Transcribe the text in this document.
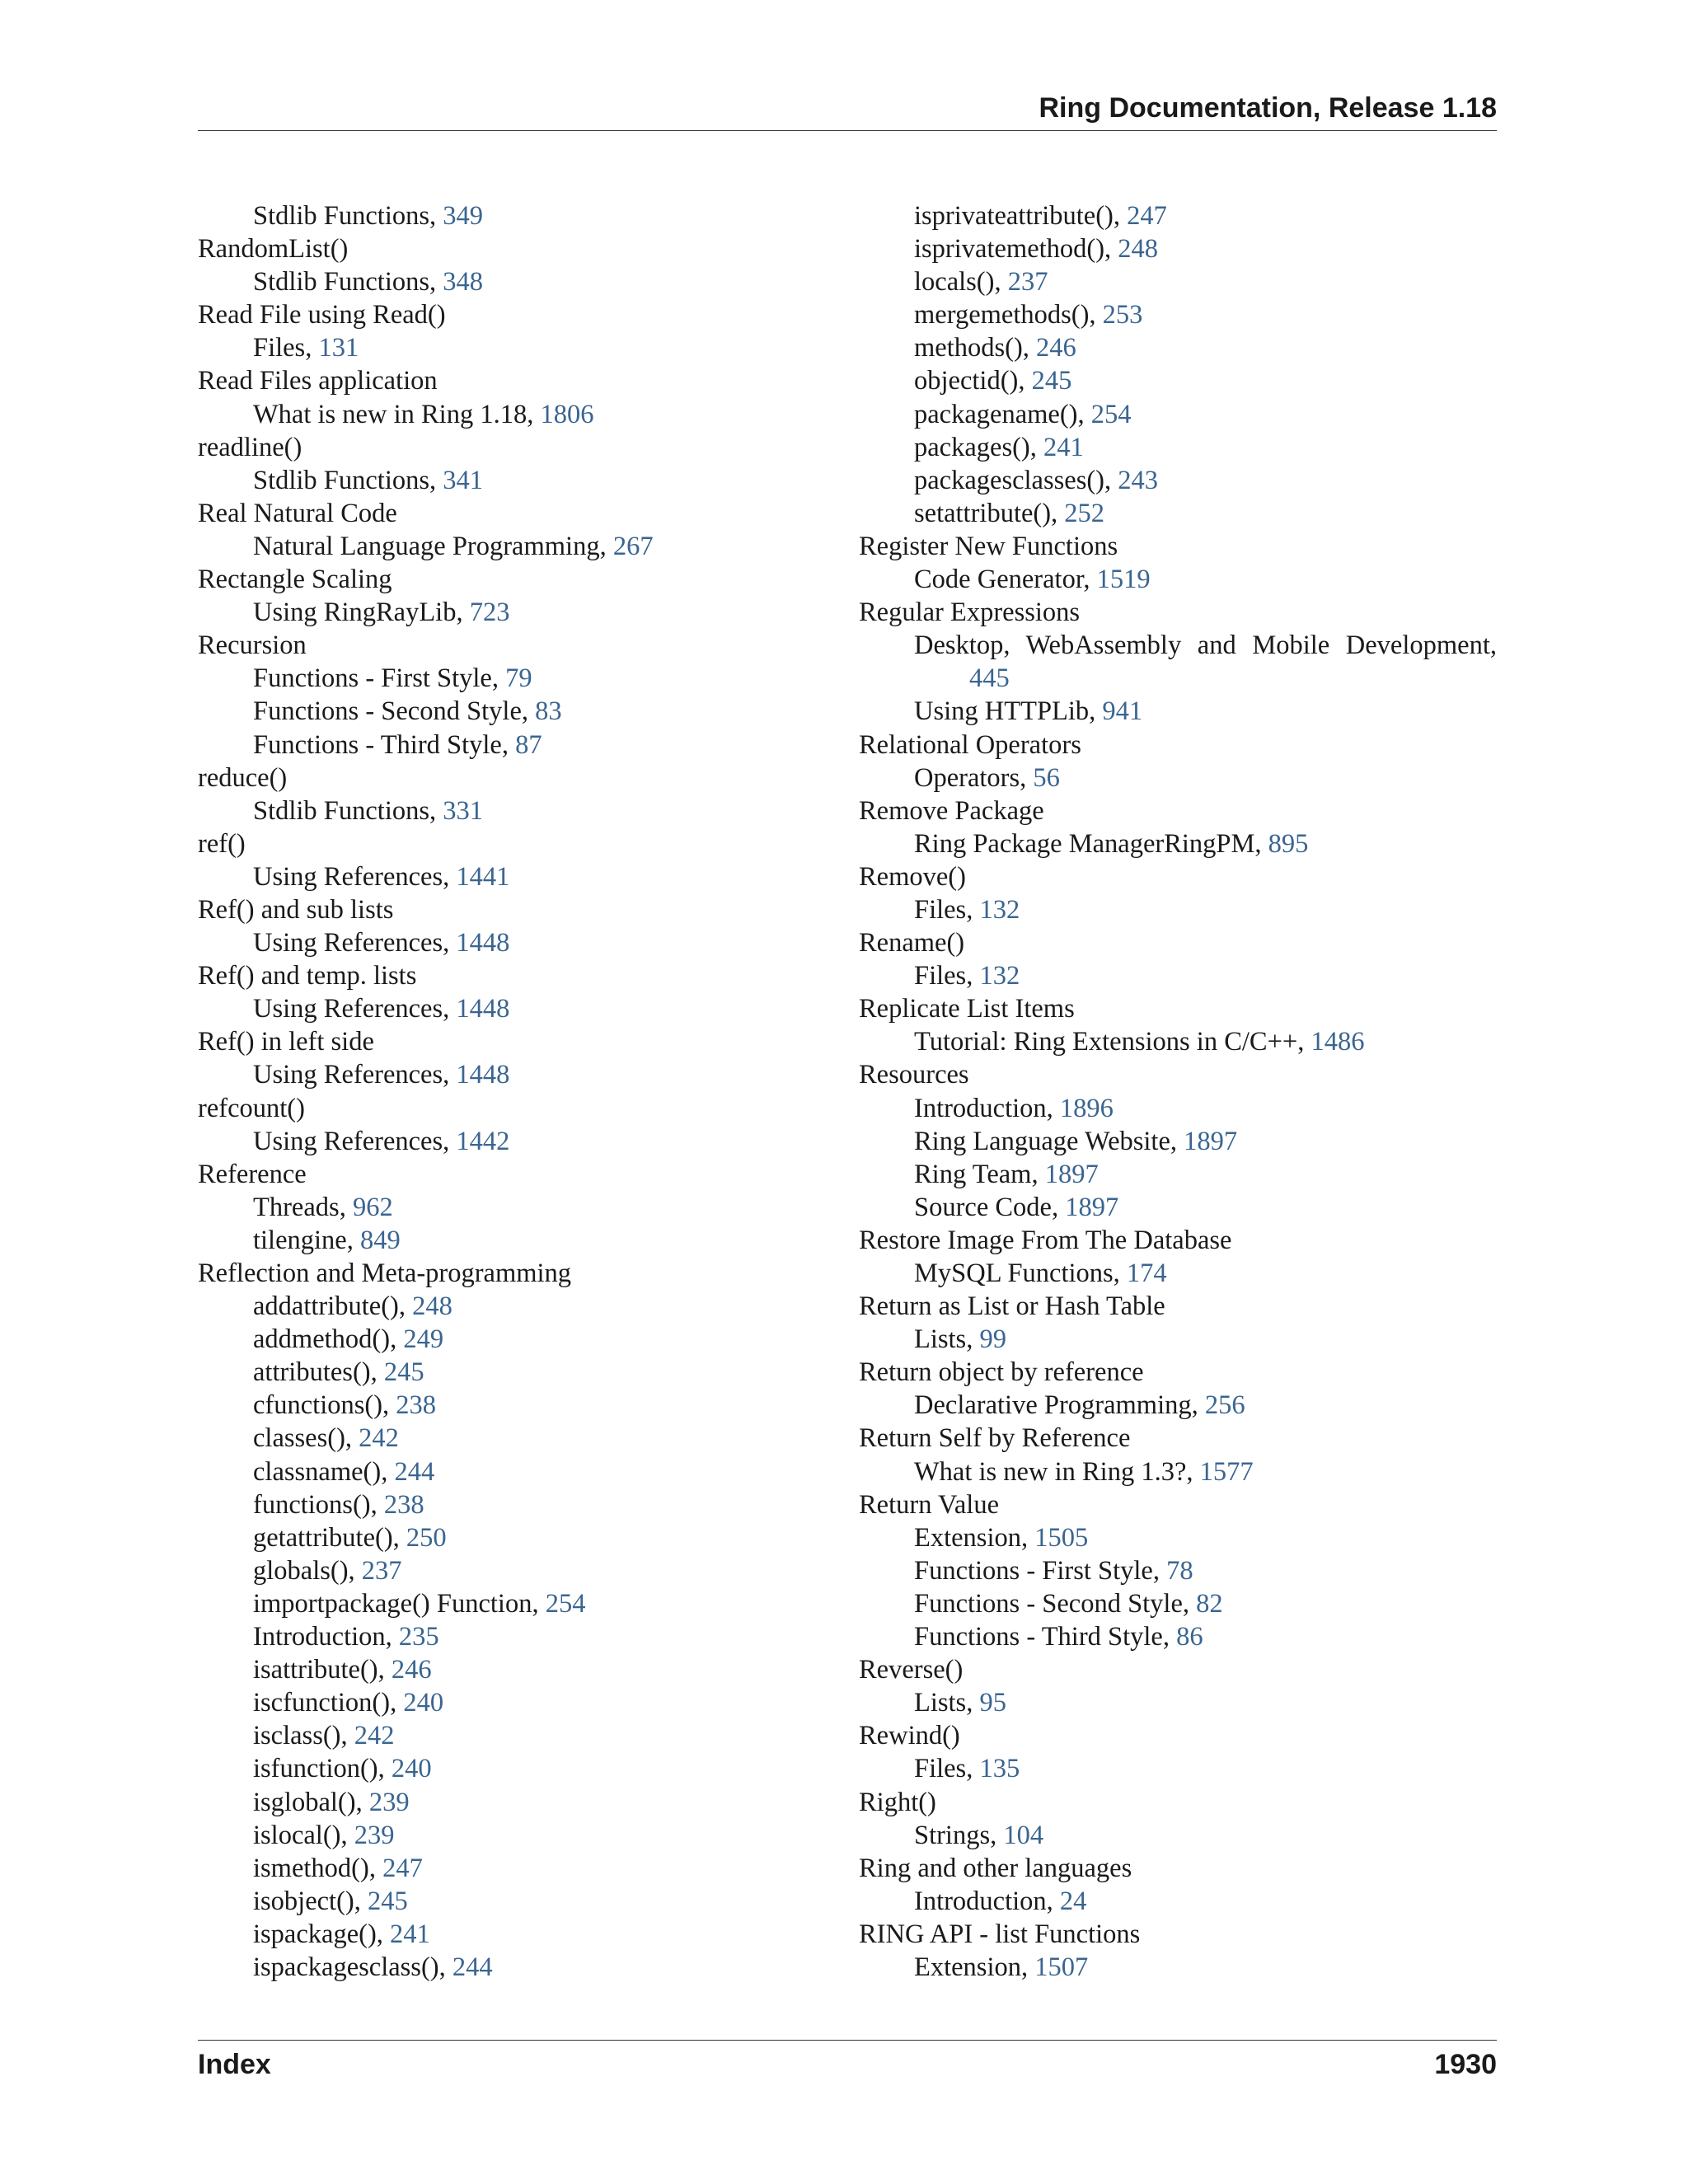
Ring Documentation, Release 1.18
Stdlib Functions, 349
RandomList()
Stdlib Functions, 348
Read File using Read()
Files, 131
Read Files application
What is new in Ring 1.18, 1806
readline()
Stdlib Functions, 341
Real Natural Code
Natural Language Programming, 267
Rectangle Scaling
Using RingRayLib, 723
Recursion
Functions - First Style, 79
Functions - Second Style, 83
Functions - Third Style, 87
reduce()
Stdlib Functions, 331
ref()
Using References, 1441
Ref() and sub lists
Using References, 1448
Ref() and temp. lists
Using References, 1448
Ref() in left side
Using References, 1448
refcount()
Using References, 1442
Reference
Threads, 962
tilengine, 849
Reflection and Meta-programming
addattribute(), 248
addmethod(), 249
attributes(), 245
cfunctions(), 238
classes(), 242
classname(), 244
functions(), 238
getattribute(), 250
globals(), 237
importpackage() Function, 254
Introduction, 235
isattribute(), 246
iscfunction(), 240
isclass(), 242
isfunction(), 240
isglobal(), 239
islocal(), 239
ismethod(), 247
isobject(), 245
ispackage(), 241
ispackagesclass(), 244
isprivateattribute(), 247
isprivatemethod(), 248
locals(), 237
mergemethods(), 253
methods(), 246
objectid(), 245
packagename(), 254
packages(), 241
packagesclasses(), 243
setattribute(), 252
Register New Functions
Code Generator, 1519
Regular Expressions
Desktop, WebAssembly and Mobile Development, 445
Using HTTPLib, 941
Relational Operators
Operators, 56
Remove Package
Ring Package ManagerRingPM, 895
Remove()
Files, 132
Rename()
Files, 132
Replicate List Items
Tutorial: Ring Extensions in C/C++, 1486
Resources
Introduction, 1896
Ring Language Website, 1897
Ring Team, 1897
Source Code, 1897
Restore Image From The Database
MySQL Functions, 174
Return as List or Hash Table
Lists, 99
Return object by reference
Declarative Programming, 256
Return Self by Reference
What is new in Ring 1.3?, 1577
Return Value
Extension, 1505
Functions - First Style, 78
Functions - Second Style, 82
Functions - Third Style, 86
Reverse()
Lists, 95
Rewind()
Files, 135
Right()
Strings, 104
Ring and other languages
Introduction, 24
RING API - list Functions
Extension, 1507
Index	1930
